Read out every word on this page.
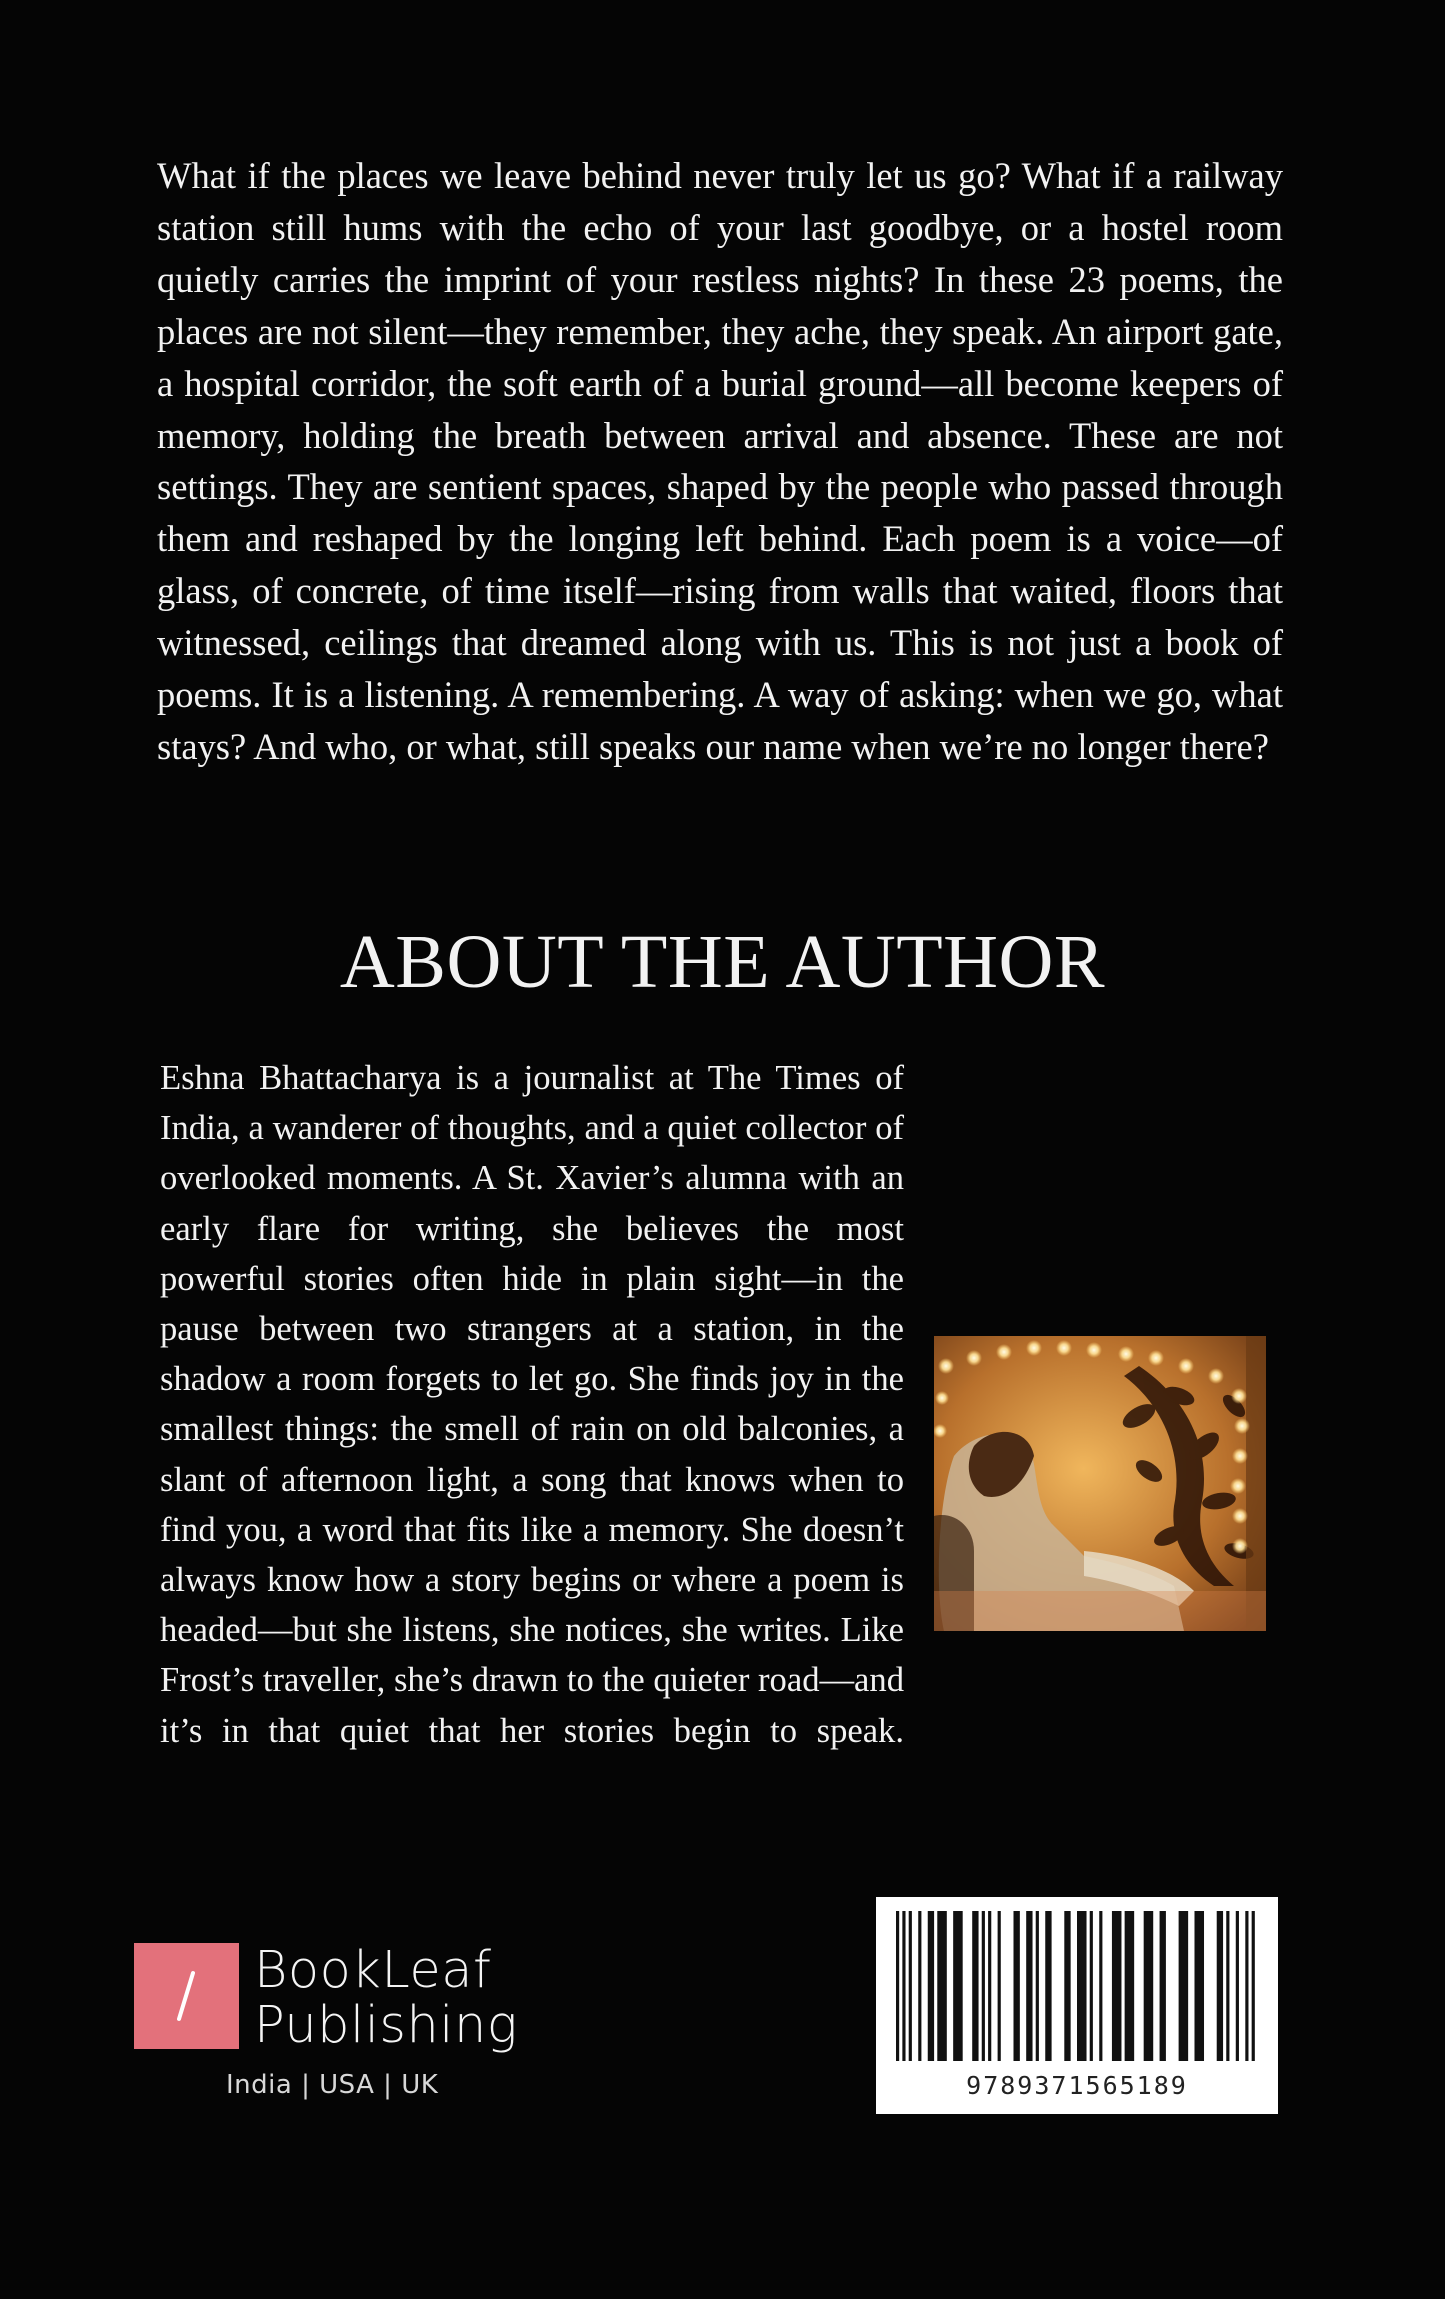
What if the places we leave behind never truly let us go? What if a railway station still hums with the echo of your last goodbye, or a hostel room quietly carries the imprint of your restless nights? In these 23 poems, the places are not silent—they remember, they ache, they speak. An airport gate, a hospital corridor, the soft earth of a burial ground—all become keepers of memory, holding the breath between arrival and absence. These are not settings. They are sentient spaces, shaped by the people who passed through them and reshaped by the longing left behind. Each poem is a voice—of glass, of concrete, of time itself—rising from walls that waited, floors that witnessed, ceilings that dreamed along with us. This is not just a book of poems. It is a listening. A remembering. A way of asking: when we go, what stays? And who, or what, still speaks our name when we’re no longer there?

ABOUT THE AUTHOR

Eshna Bhattacharya is a journalist at The Times of India, a wanderer of thoughts, and a quiet collector of overlooked moments. A St. Xavier’s alumna with an early flare for writing, she believes the most powerful stories often hide in plain sight—in the pause between two strangers at a station, in the shadow a room forgets to let go. She finds joy in the smallest things: the smell of rain on old balconies, a slant of afternoon light, a song that knows when to find you, a word that fits like a memory. She doesn’t always know how a story begins or where a poem is headed—but she listens, she notices, she writes. Like Frost’s traveller, she’s drawn to the quieter road—and it’s in that quiet that her stories begin to speak.

BookLeaf
Publishing
India | USA | UK	9789371565189
